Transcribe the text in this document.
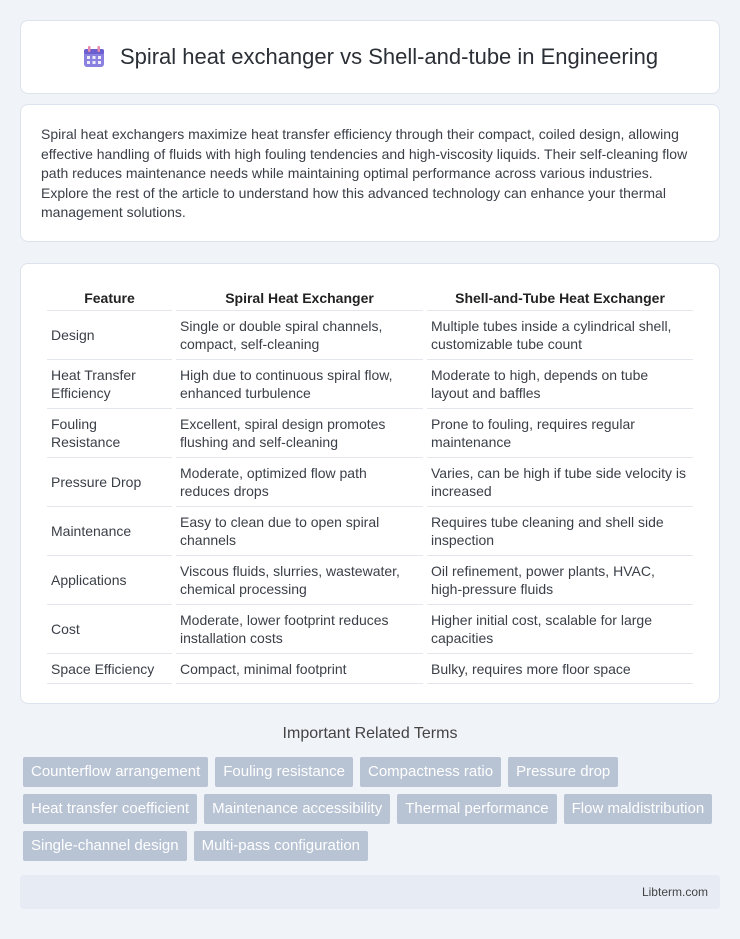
Spiral heat exchanger vs Shell-and-tube in Engineering

Spiral heat exchangers maximize heat transfer efficiency through their compact, coiled design, allowing effective handling of fluids with high fouling tendencies and high-viscosity liquids. Their self-cleaning flow path reduces maintenance needs while maintaining optimal performance across various industries. Explore the rest of the article to understand how this advanced technology can enhance your thermal management solutions.

Feature	Spiral Heat Exchanger	Shell-and-Tube Heat Exchanger
Design	Single or double spiral channels, compact, self-cleaning	Multiple tubes inside a cylindrical shell, customizable tube count
Heat Transfer Efficiency	High due to continuous spiral flow, enhanced turbulence	Moderate to high, depends on tube layout and baffles
Fouling Resistance	Excellent, spiral design promotes flushing and self-cleaning	Prone to fouling, requires regular maintenance
Pressure Drop	Moderate, optimized flow path reduces drops	Varies, can be high if tube side velocity is increased
Maintenance	Easy to clean due to open spiral channels	Requires tube cleaning and shell side inspection
Applications	Viscous fluids, slurries, wastewater, chemical processing	Oil refinement, power plants, HVAC, high-pressure fluids
Cost	Moderate, lower footprint reduces installation costs	Higher initial cost, scalable for large capacities
Space Efficiency	Compact, minimal footprint	Bulky, requires more floor space
Important Related Terms
Counterflow arrangement	Fouling resistance	Compactness ratio	Pressure drop
Heat transfer coefficient	Maintenance accessibility	Thermal performance	Flow maldistribution
Single-channel design	Multi-pass configuration
Libterm.com
